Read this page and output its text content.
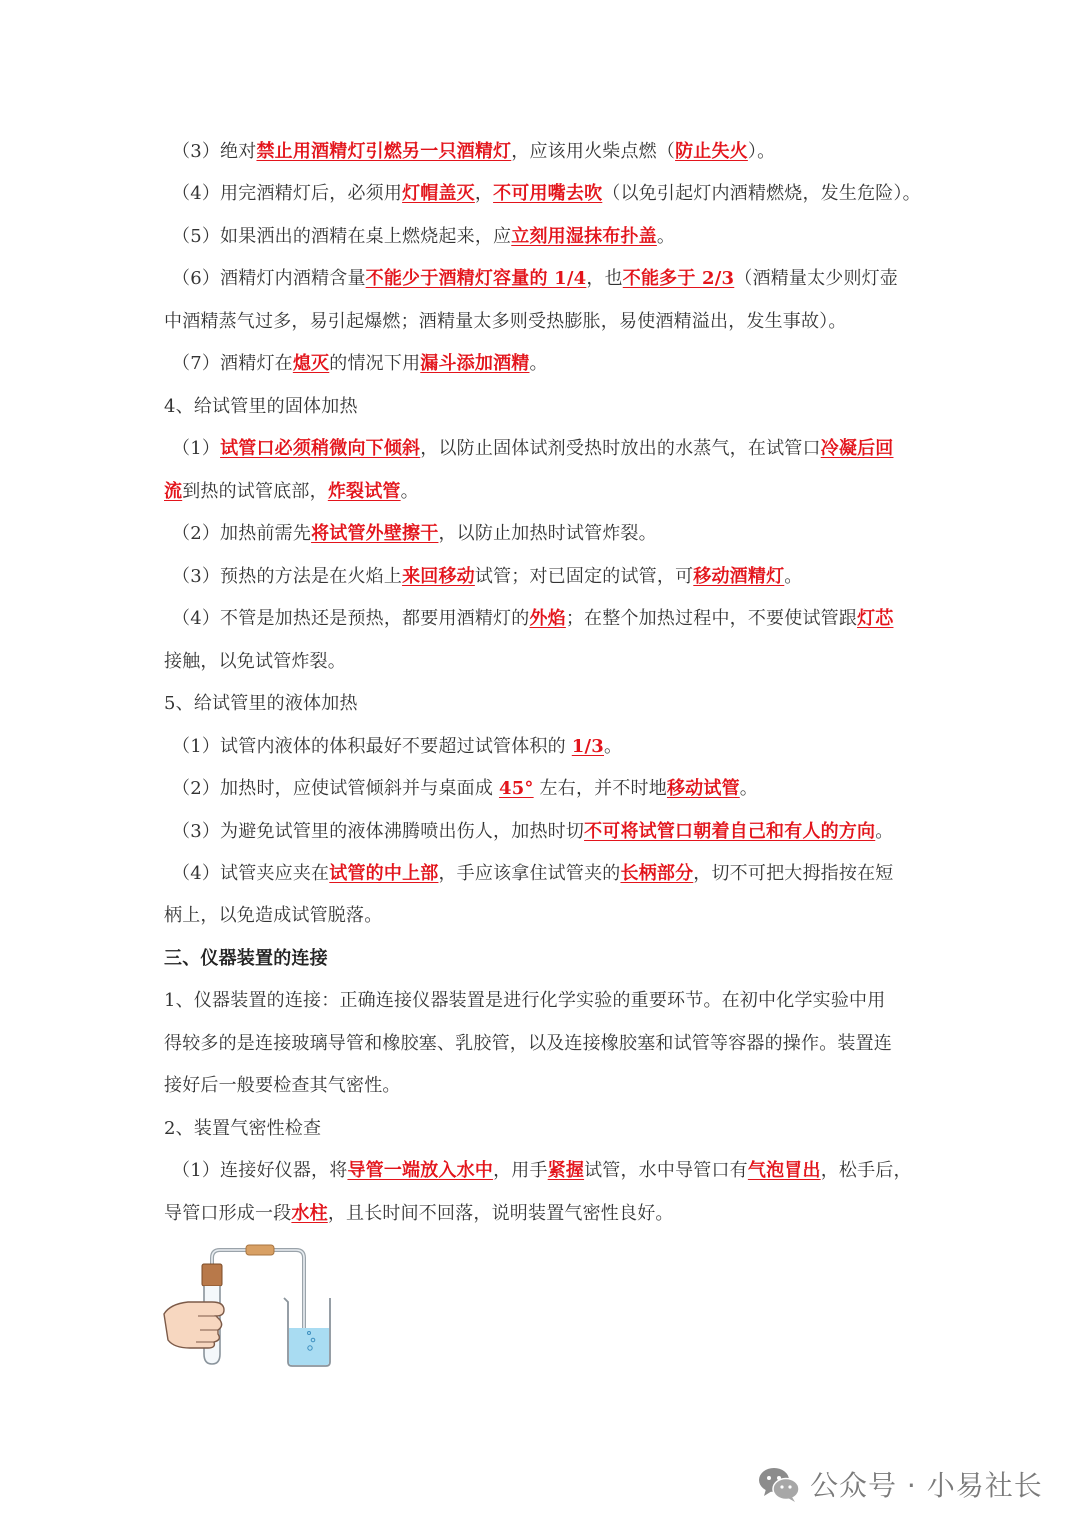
（3）绝对禁止用酒精灯引燃另一只酒精灯，应该用火柴点燃（防止失火）。
（4）用完酒精灯后，必须用灯帽盖灭，不可用嘴去吹（以免引起灯内酒精燃烧，发生危险）。
（5）如果洒出的酒精在桌上燃烧起来，应立刻用湿抹布扑盖。
（6）酒精灯内酒精含量不能少于酒精灯容量的 1/4，也不能多于 2/3（酒精量太少则灯壶
中酒精蒸气过多，易引起爆燃；酒精量太多则受热膨胀，易使酒精溢出，发生事故）。
（7）酒精灯在熄灭的情况下用漏斗添加酒精。
4、给试管里的固体加热
（1）试管口必须稍微向下倾斜，以防止固体试剂受热时放出的水蒸气，在试管口冷凝后回
流到热的试管底部，炸裂试管。
（2）加热前需先将试管外壁擦干，以防止加热时试管炸裂。
（3）预热的方法是在火焰上来回移动试管；对已固定的试管，可移动酒精灯。
（4）不管是加热还是预热，都要用酒精灯的外焰；在整个加热过程中，不要使试管跟灯芯
接触，以免试管炸裂。
5、给试管里的液体加热
（1）试管内液体的体积最好不要超过试管体积的 1/3。
（2）加热时，应使试管倾斜并与桌面成 45° 左右，并不时地移动试管。
（3）为避免试管里的液体沸腾喷出伤人，加热时切不可将试管口朝着自己和有人的方向。
（4）试管夹应夹在试管的中上部，手应该拿住试管夹的长柄部分，切不可把大拇指按在短
柄上，以免造成试管脱落。
三、仪器装置的连接
1、仪器装置的连接：正确连接仪器装置是进行化学实验的重要环节。在初中化学实验中用
得较多的是连接玻璃导管和橡胶塞、乳胶管，以及连接橡胶塞和试管等容器的操作。装置连
接好后一般要检查其气密性。
2、装置气密性检查
（1）连接好仪器，将导管一端放入水中，用手紧握试管，水中导管口有气泡冒出，松手后，
导管口形成一段水柱，且长时间不回落，说明装置气密性良好。
公众号 · 小易社长
